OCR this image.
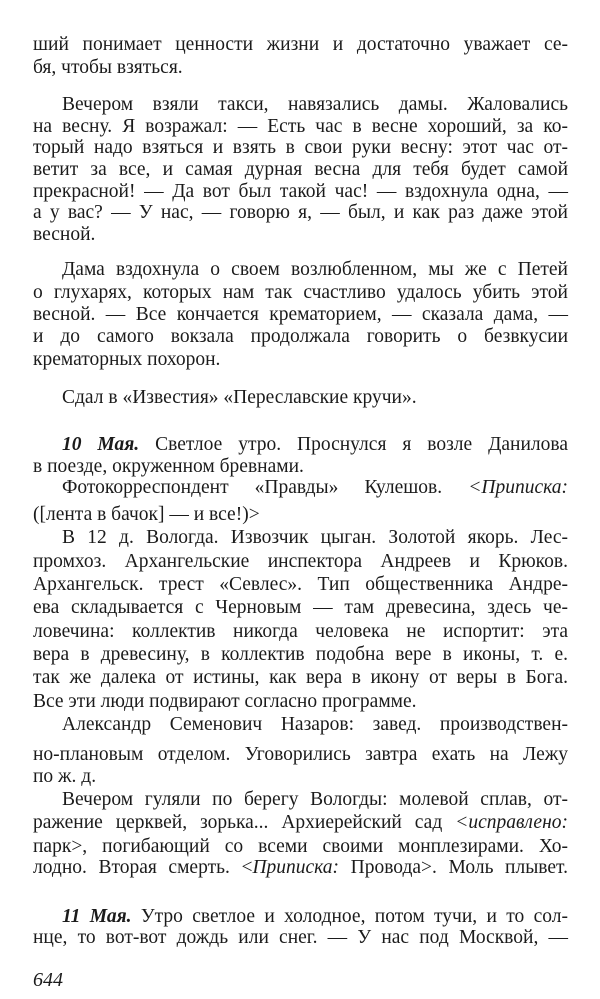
644
ший понимает ценности жизни и достаточно уважает се-
бя, чтобы взяться.
Вечером взяли такси, навязались дамы. Жаловались
на весну. Я возражал: — Есть час в весне хороший, за ко-
торый надо взяться и взять в свои руки весну: этот час от-
ветит за все, и самая дурная весна для тебя будет самой
прекрасной! — Да вот был такой час! — вздохнула одна, —
а у вас? — У нас, — говорю я, — был, и как раз даже этой
весной.
Дама вздохнула о своем возлюбленном, мы же с Петей
о глухарях, которых нам так счастливо удалось убить этой
весной. — Все кончается крематорием, — сказала дама, —
и до самого вокзала продолжала говорить о безвкусии
крематорных похорон.
Сдал в «Известия» «Переславские кручи».
10 Мая. Светлое утро. Проснулся я возле Данилова
в поезде, окруженном бревнами.
Фотокорреспондент «Правды» Кулешов. <Приписка:
([лента в бачок] — и все!)>
В 12 д. Вологда. Извозчик цыган. Золотой якорь. Лес-
промхоз. Архангельские инспектора Андреев и Крюков.
Архангельск. трест «Севлес». Тип общественника Андре-
ева складывается с Черновым — там древесина, здесь че-
ловечина: коллектив никогда человека не испортит: эта
вера в древесину, в коллектив подобна вере в иконы, т. е.
так же далека от истины, как вера в икону от веры в Бога.
Все эти люди подвирают согласно программе.
Александр Семенович Назаров: завед. производствен-
но-плановым отделом. Уговорились завтра ехать на Лежу
по ж. д.
Вечером гуляли по берегу Вологды: молевой сплав, от-
ражение церквей, зорька... Архиерейский сад <исправлено:
парк>, погибающий со всеми своими монплезирами. Хо-
лодно. Вторая смерть. <Приписка: Провода>. Моль плывет.
11 Мая. Утро светлое и холодное, потом тучи, и то сол-
нце, то вот-вот дождь или снег. — У нас под Москвой, —
